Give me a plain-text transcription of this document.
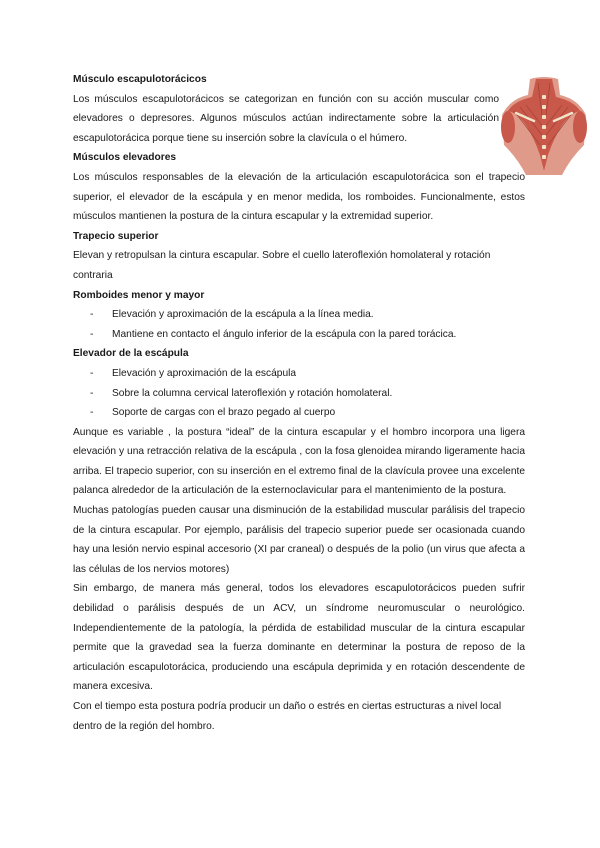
Músculo escapulotorácicos

Los músculos escapulotorácicos se categorizan en función con su acción muscular como elevadores o depresores. Algunos músculos actúan indirectamente sobre la articulación escapulotorácica porque tiene su inserción sobre la clavícula o el húmero.

Músculos elevadores

Los músculos responsables de la elevación de la articulación escapulotorácica son el trapecio superior, el elevador de la escápula y en menor medida, los romboides. Funcionalmente, estos músculos mantienen la postura de la cintura escapular y la extremidad superior.

Trapecio superior

Elevan y retropulsan la cintura escapular. Sobre el cuello lateroflexión homolateral y rotación contraria

Romboides menor y mayor

- Elevación y aproximación de la escápula a la línea media.
- Mantiene en contacto el ángulo inferior de la escápula con la pared torácica.

Elevador de la escápula

- Elevación y aproximación de la escápula
- Sobre la columna cervical lateroflexión y rotación homolateral.
- Soporte de cargas con el brazo pegado al cuerpo

Aunque es variable , la postura “ideal” de la cintura escapular y el hombro incorpora una ligera elevación y una retracción relativa de la escápula , con la fosa glenoidea mirando ligeramente hacia arriba. El trapecio superior, con su inserción en el extremo final de la clavícula provee una excelente palanca alrededor de la articulación de la esternoclavicular para el mantenimiento de la postura.

Muchas patologías pueden causar una disminución de la estabilidad muscular parálisis del trapecio de la cintura escapular. Por ejemplo, parálisis del trapecio superior puede ser ocasionada cuando hay una lesión nervio espinal accesorio (XI par craneal) o después de la polio (un virus que afecta a las células de los nervios motores)

Sin embargo, de manera más general, todos los elevadores escapulotorácicos pueden sufrir debilidad o parálisis después de un ACV, un síndrome neuromuscular o neurológico. Independientemente de la patología, la pérdida de estabilidad muscular de la cintura escapular permite que la gravedad sea la fuerza dominante en determinar la postura de reposo de la articulación escapulotorácica, produciendo una escápula deprimida y en rotación descendente de manera excesiva.

Con el tiempo esta postura podría producir un daño o estrés en ciertas estructuras a nivel local dentro de la región del hombro.
